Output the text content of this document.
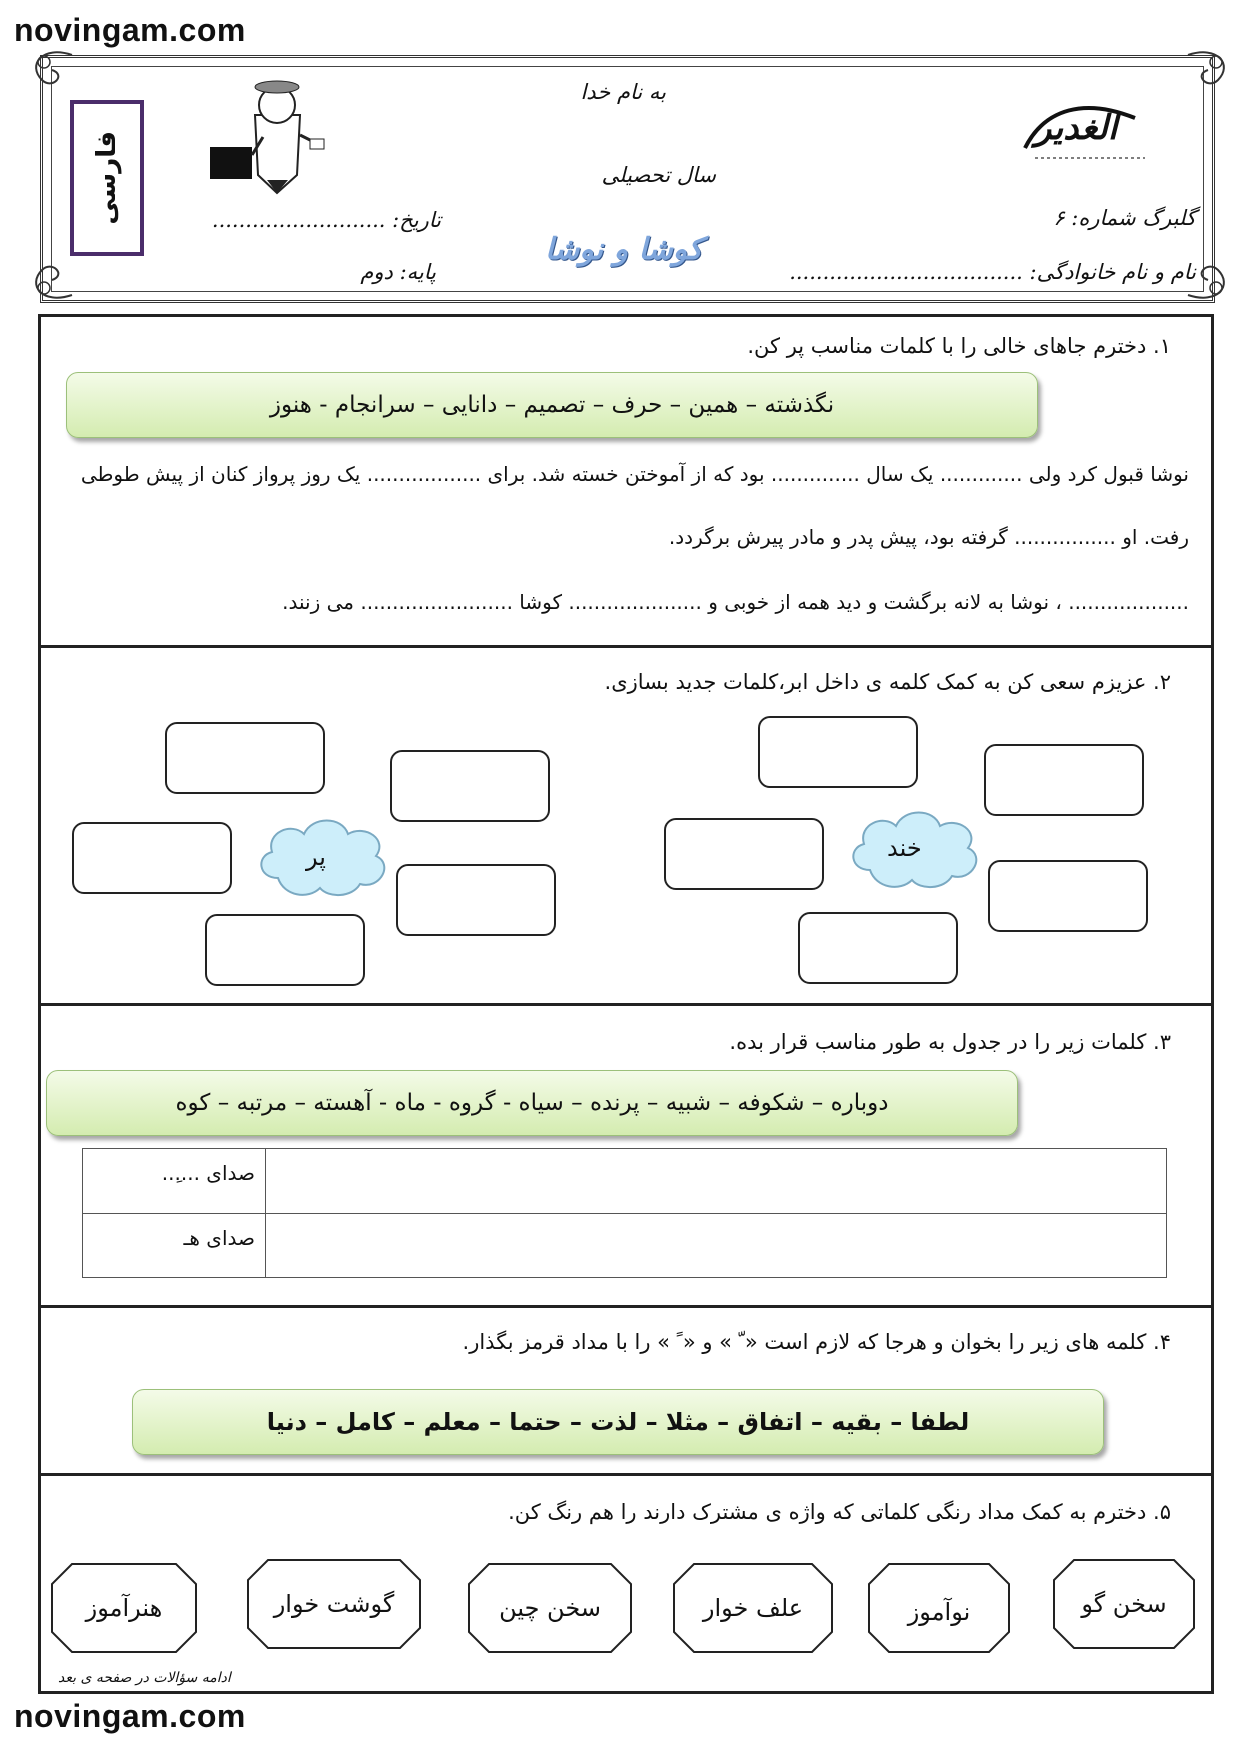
novingam.com
novingam.com
فارسی
الغدیر
به نام خدا
سال تحصیلی
تاریخ: ..........................
پایه: دوم
گلبرگ شماره: ۶
نام و نام خانوادگی: ...................................
کوشا و نوشا
۱. دخترم جاهای خالی را با کلمات مناسب پر کن.
نگذشته – همین – حرف – تصمیم – دانایی – سرانجام - هنوز
نوشا قبول کرد ولی ............. یک سال .............. بود که از آموختن خسته شد. برای .................. یک روز پرواز کنان از پیش طوطی
رفت. او ................ گرفته بود، پیش پدر و مادر پیرش برگردد.
................... ، نوشا به لانه برگشت و دید همه از خوبی و ..................... کوشا ........................ می زنند.
۲. عزیزم سعی کن به کمک کلمه ی داخل ابر،کلمات جدید بسازی.
خند
پر
۳. کلمات زیر را در جدول به طور مناسب قرار بده.
دوباره – شکوفه – شبیه – پرنده – سیاه - گروه - ماه - آهسته – مرتبه – کوه
صدای ....ِ..	
صدای ﻫـ	
۴. کلمه های زیر را بخوان و هرجا که لازم است « ّ » و « ً » را با مداد قرمز بگذار.
لطفا – بقیه – اتفاق – مثلا – لذت – حتما – معلم – کامل – دنیا
۵. دخترم به کمک مداد رنگی کلماتی که واژه ی مشترک دارند را هم رنگ کن.
سخن گو
نوآموز
علف خوار
سخن چین
گوشت خوار
هنرآموز
ادامه سؤالات در صفحه ی بعد
